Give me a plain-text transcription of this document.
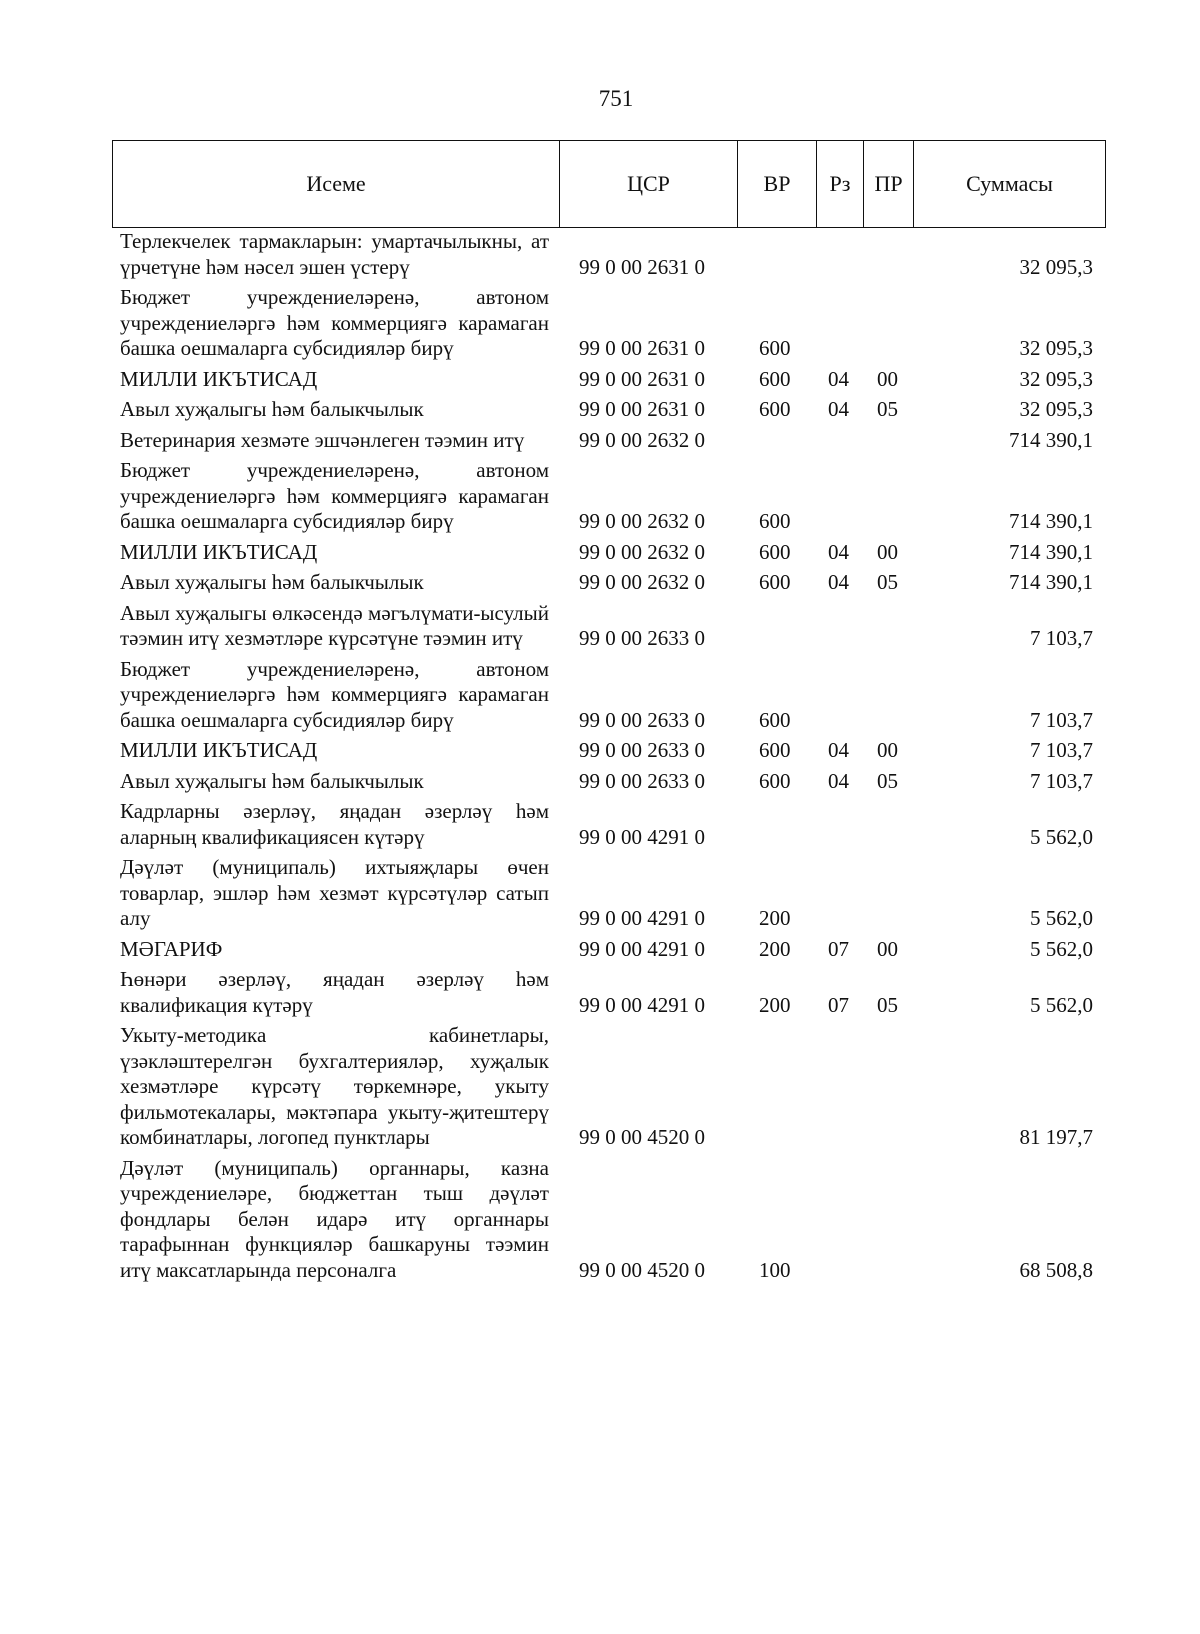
751
Исеме	ЦСР	ВР	Рз	ПР	Суммасы
Терлекчелек тармакларын: умартачылыкны, ат үрчетүне һәм нәсел эшен үстерү	99 0 00 2631 0				32 095,3
Бюджет учреждениеләренә, автоном учреждениеләргә һәм коммерциягә карамаган башка оешмаларга субсидияләр бирү	99 0 00 2631 0	600			32 095,3
МИЛЛИ ИКЪТИСАД	99 0 00 2631 0	600	04	00	32 095,3
Авыл хуҗалыгы һәм балыкчылык	99 0 00 2631 0	600	04	05	32 095,3
Ветеринария хезмәте эшчәнлеген тәэмин итү	99 0 00 2632 0				714 390,1
Бюджет учреждениеләренә, автоном учреждениеләргә һәм коммерциягә карамаган башка оешмаларга субсидияләр бирү	99 0 00 2632 0	600			714 390,1
МИЛЛИ ИКЪТИСАД	99 0 00 2632 0	600	04	00	714 390,1
Авыл хуҗалыгы һәм балыкчылык	99 0 00 2632 0	600	04	05	714 390,1
Авыл хуҗалыгы өлкәсендә мәгълүмати-ысулый тәэмин итү хезмәтләре күрсәтүне тәэмин итү	99 0 00 2633 0				7 103,7
Бюджет учреждениеләренә, автоном учреждениеләргә һәм коммерциягә карамаган башка оешмаларга субсидияләр бирү	99 0 00 2633 0	600			7 103,7
МИЛЛИ ИКЪТИСАД	99 0 00 2633 0	600	04	00	7 103,7
Авыл хуҗалыгы һәм балыкчылык	99 0 00 2633 0	600	04	05	7 103,7
Кадрларны әзерләү, яңадан әзерләү һәм аларның квалификациясен күтәрү	99 0 00 4291 0				5 562,0
Дәүләт (муниципаль) ихтыяҗлары өчен товарлар, эшләр һәм хезмәт күрсәтүләр сатып алу	99 0 00 4291 0	200			5 562,0
МӘГАРИФ	99 0 00 4291 0	200	07	00	5 562,0
Һөнәри әзерләү, яңадан әзерләү һәм квалификация күтәрү	99 0 00 4291 0	200	07	05	5 562,0
Укыту-методика кабинетлары, үзәкләштерелгән бухгалтерияләр, хуҗалык хезмәтләре күрсәтү төркемнәре, укыту фильмотекалары, мәктәпара укыту-җитештерү комбинатлары, логопед пунктлары	99 0 00 4520 0				81 197,7
Дәүләт (муниципаль) органнары, казна учреждениеләре, бюджеттан тыш дәүләт фондлары белән идарә итү органнары тарафыннан функцияләр башкаруны тәэмин итү максатларында персоналга	99 0 00 4520 0	100			68 508,8
